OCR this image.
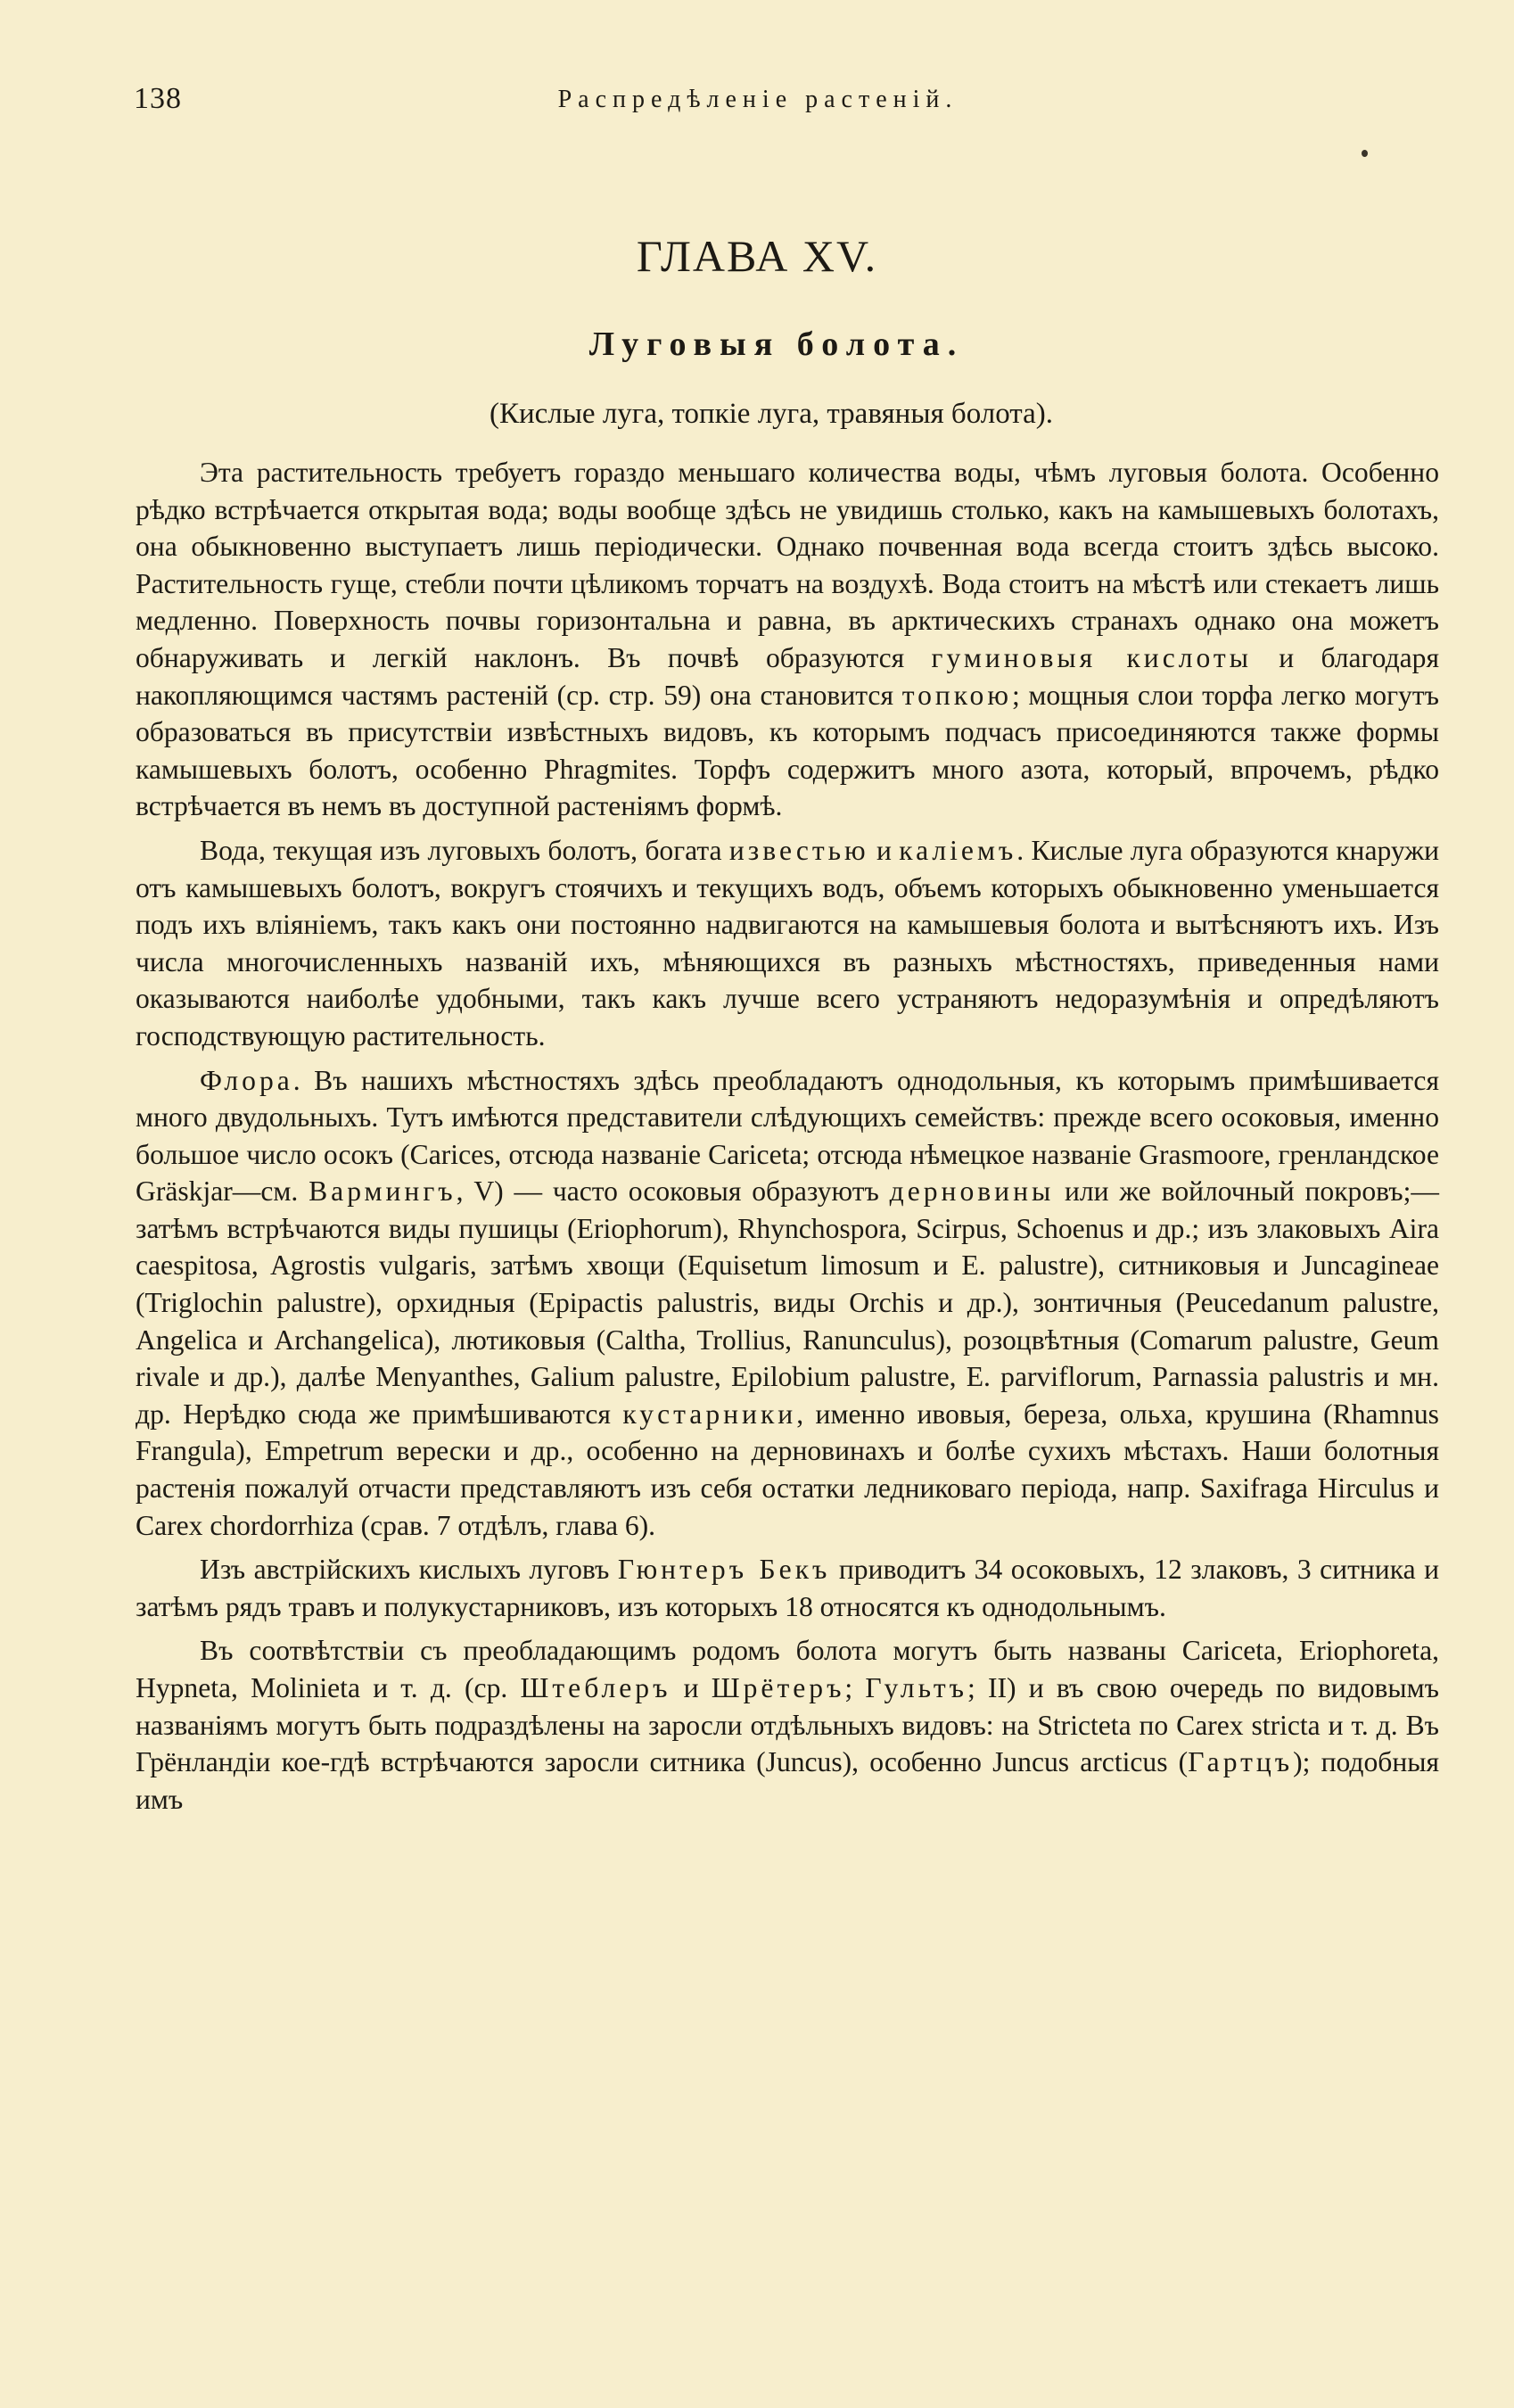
138	Распредѣленіе растеній.
ГЛАВА XV.
Луговыя болота.
(Кислые луга, топкіе луга, травяныя болота).

Эта растительность требуетъ гораздо меньшаго количества воды, чѣмъ луговыя болота. Особенно рѣдко встрѣчается открытая вода; воды вообще здѣсь не увидишь столько, какъ на камышевыхъ болотахъ, она обыкновенно выступаетъ лишь періодически. Однако почвенная вода всегда стоитъ здѣсь высоко. Растительность гуще, стебли почти цѣликомъ торчатъ на воздухѣ. Вода стоитъ на мѣстѣ или стекаетъ лишь медленно. Поверхность почвы горизонтальна и равна, въ арктическихъ странахъ однако она можетъ обнаруживать и легкій наклонъ. Въ почвѣ образуются гуминовыя кислоты и благодаря накопляющимся частямъ растеній (ср. стр. 59) она становится топкою; мощныя слои торфа легко могутъ образоваться въ присутствіи извѣстныхъ видовъ, къ которымъ подчасъ присоединяются также формы камышевыхъ болотъ, особенно Phragmites. Торфъ содержитъ много азота, который, впрочемъ, рѣдко встрѣчается въ немъ въ доступной растеніямъ формѣ.

Вода, текущая изъ луговыхъ болотъ, богата известью и каліемъ. Кислые луга образуются кнаружи отъ камышевыхъ болотъ, вокругъ стоячихъ и текущихъ водъ, объемъ которыхъ обыкновенно уменьшается подъ ихъ вліяніемъ, такъ какъ они постоянно надвигаются на камышевыя болота и вытѣсняютъ ихъ. Изъ числа многочисленныхъ названій ихъ, мѣняющихся въ разныхъ мѣстностяхъ, приведенныя нами оказываются наиболѣе удобными, такъ какъ лучше всего устраняютъ недоразумѣнія и опредѣляютъ господствующую растительность.

Флора. Въ нашихъ мѣстностяхъ здѣсь преобладаютъ однодольныя, къ которымъ примѣшивается много двудольныхъ. Тутъ имѣются представители слѣдующихъ семействъ: прежде всего осоковыя, именно большое число осокъ (Carices, отсюда названіе Cariceta; отсюда нѣмецкое названіе Grasmoore, гренландское Gräskjar—см. Вармингъ, V) — часто осоковыя образуютъ дерновины или же войлочный покровъ;—затѣмъ встрѣчаются виды пушицы (Eriophorum), Rhynchospora, Scirpus, Schoenus и др.; изъ злаковыхъ Aira caespitosa, Agrostis vulgaris, затѣмъ хвощи (Equisetum limosum и E. palustre), ситниковыя и Juncagineae (Triglochin palustre), орхидныя (Epipactis palustris, виды Orchis и др.), зонтичныя (Peucedanum palustre, Angelica и Archangelica), лютиковыя (Caltha, Trollius, Ranunculus), розоцвѣтныя (Comarum palustre, Geum rivale и др.), далѣе Menyanthes, Galium palustre, Epilobium palustre, E. parviflorum, Parnassia palustris и мн. др. Нерѣдко сюда же примѣшиваются кустарники, именно ивовыя, береза, ольха, крушина (Rhamnus Frangula), Empetrum верески и др., особенно на дерновинахъ и болѣе сухихъ мѣстахъ. Наши болотныя растенія пожалуй отчасти представляютъ изъ себя остатки ледниковаго періода, напр. Saxifraga Hirculus и Carex chordorrhiza (срав. 7 отдѣлъ, глава 6).

Изъ австрійскихъ кислыхъ луговъ Гюнтеръ Бекъ приводитъ 34 осоковыхъ, 12 злаковъ, 3 ситника и затѣмъ рядъ травъ и полукустарниковъ, изъ которыхъ 18 относятся къ однодольнымъ.

Въ соотвѣтствіи съ преобладающимъ родомъ болота могутъ быть названы Cariceta, Eriophoreta, Hypneta, Molinieta и т. д. (ср. Штеблеръ и Шрётеръ; Гультъ; II) и въ свою очередь по видовымъ названіямъ могутъ быть подраздѣлены на заросли отдѣльныхъ видовъ: на Stricteta по Carex stricta и т. д. Въ Грёнландіи кое-гдѣ встрѣчаются заросли ситника (Juncus), особенно Juncus arcticus (Гартцъ); подобныя имъ
